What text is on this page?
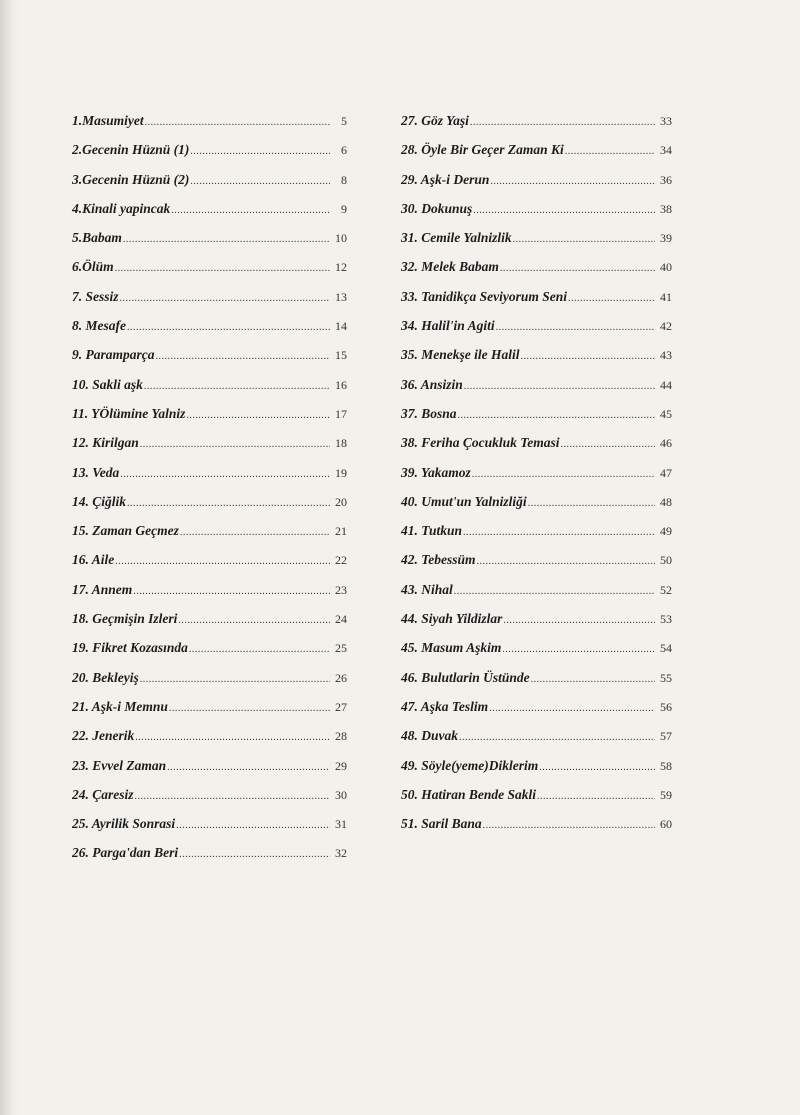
1.Masumiyet .....	5
2.Gecenin Hüznü (1) .....	6
3.Gecenin Hüznü (2) .....	8
4.Kinali yapincak .....	9
5.Babam .....	10
6.Ölüm .....	12
7. Sessiz .....	13
8. Mesafe .....	14
9. Paramparça .....	15
10. Sakli aşk .....	16
11. YÖlümine Yalniz .....	17
12. Kirilgan .....	18
13. Veda .....	19
14. Çiğlik .....	20
15. Zaman Geçmez .....	21
16. Aile .....	22
17. Annem .....	23
18. Geçmişin Izleri .....	24
19. Fikret Kozasında .....	25
20. Bekleyiş .....	26
21. Aşk-i Memnu .....	27
22. Jenerik .....	28
23. Evvel Zaman .....	29
24. Çaresiz .....	30
25. Ayrilik Sonrasi .....	31
26. Parga'dan Beri .....	32
27. Göz Yaşi .....	33
28. Öyle Bir Geçer Zaman Ki .....	34
29. Aşk-i Derun .....	36
30. Dokunuş .....	38
31. Cemile Yalnizlik .....	39
32. Melek Babam .....	40
33. Tanidikça Seviyorum Seni .....	41
34. Halil'in Agiti .....	42
35. Menekşe ile Halil .....	43
36. Ansizin .....	44
37. Bosna .....	45
38. Feriha Çocukluk Temasi .....	46
39. Yakamoz .....	47
40. Umut'un Yalnizliği .....	48
41. Tutkun .....	49
42. Tebessüm .....	50
43. Nihal .....	52
44. Siyah Yildizlar .....	53
45. Masum Aşkim .....	54
46. Bulutlarin Üstünde .....	55
47. Aşka Teslim .....	56
48. Duvak .....	57
49. Söyle(yeme)Diklerim .....	58
50. Hatiran Bende Sakli .....	59
51. Saril Bana .....	60
